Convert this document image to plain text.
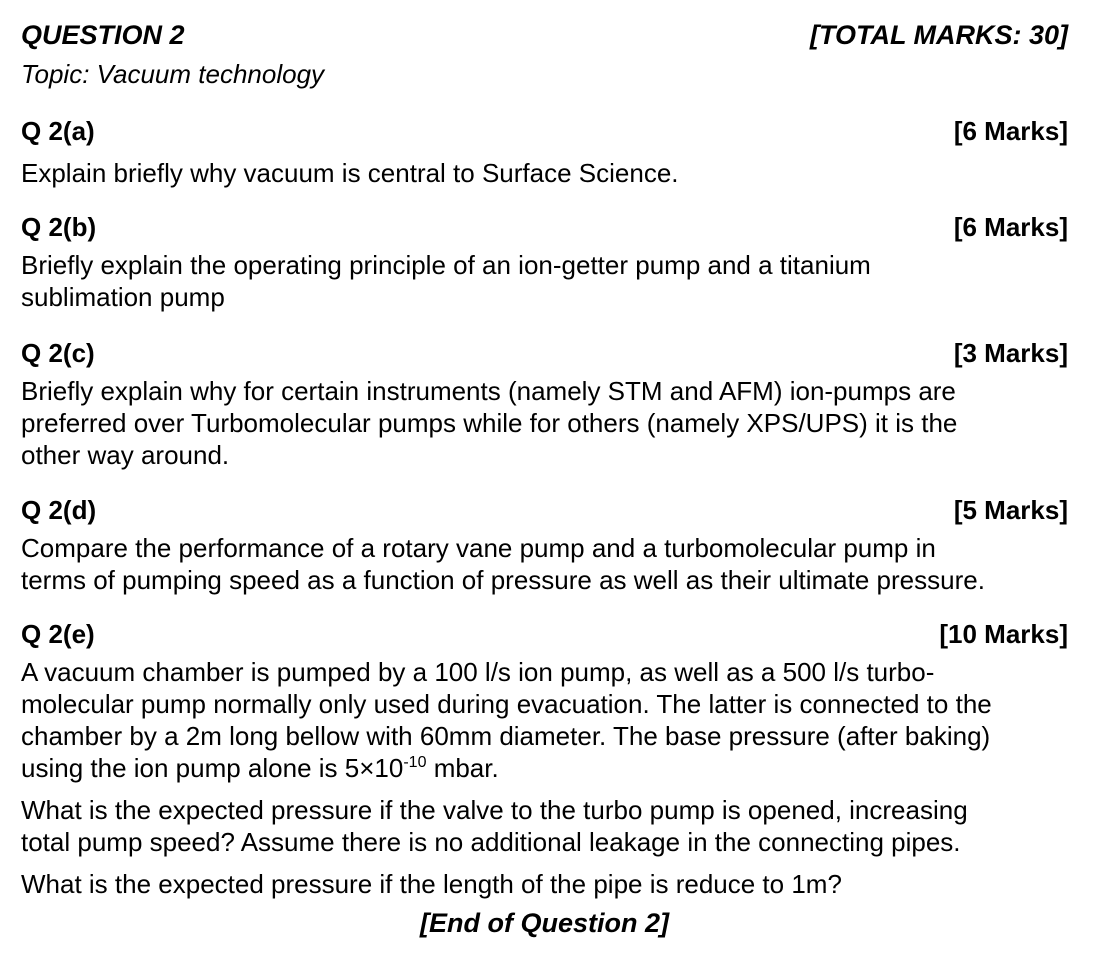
QUESTION 2	[TOTAL MARKS: 30]
Topic: Vacuum technology
Q 2(a)	[6 Marks]

Explain briefly why vacuum is central to Surface Science.

Q 2(b)	[6 Marks]

Briefly explain the operating principle of an ion-getter pump and a titanium

sublimation pump

Q 2(c)	[3 Marks]

Briefly explain why for certain instruments (namely STM and AFM) ion-pumps are

preferred over Turbomolecular pumps while for others (namely XPS/UPS) it is the

other way around.

Q 2(d)	[5 Marks]

Compare the performance of a rotary vane pump and a turbomolecular pump in

terms of pumping speed as a function of pressure as well as their ultimate pressure.

Q 2(e)	[10 Marks]

A vacuum chamber is pumped by a 100 l/s ion pump, as well as a 500 l/s turbo-

molecular pump normally only used during evacuation. The latter is connected to the

chamber by a 2m long bellow with 60mm diameter. The base pressure (after baking)

using the ion pump alone is $5\times 10^{-10}$ mbar.

What is the expected pressure if the valve to the turbo pump is opened, increasing

total pump speed? Assume there is no additional leakage in the connecting pipes.

What is the expected pressure if the length of the pipe is reduce to 1m?

[End of Question 2]
